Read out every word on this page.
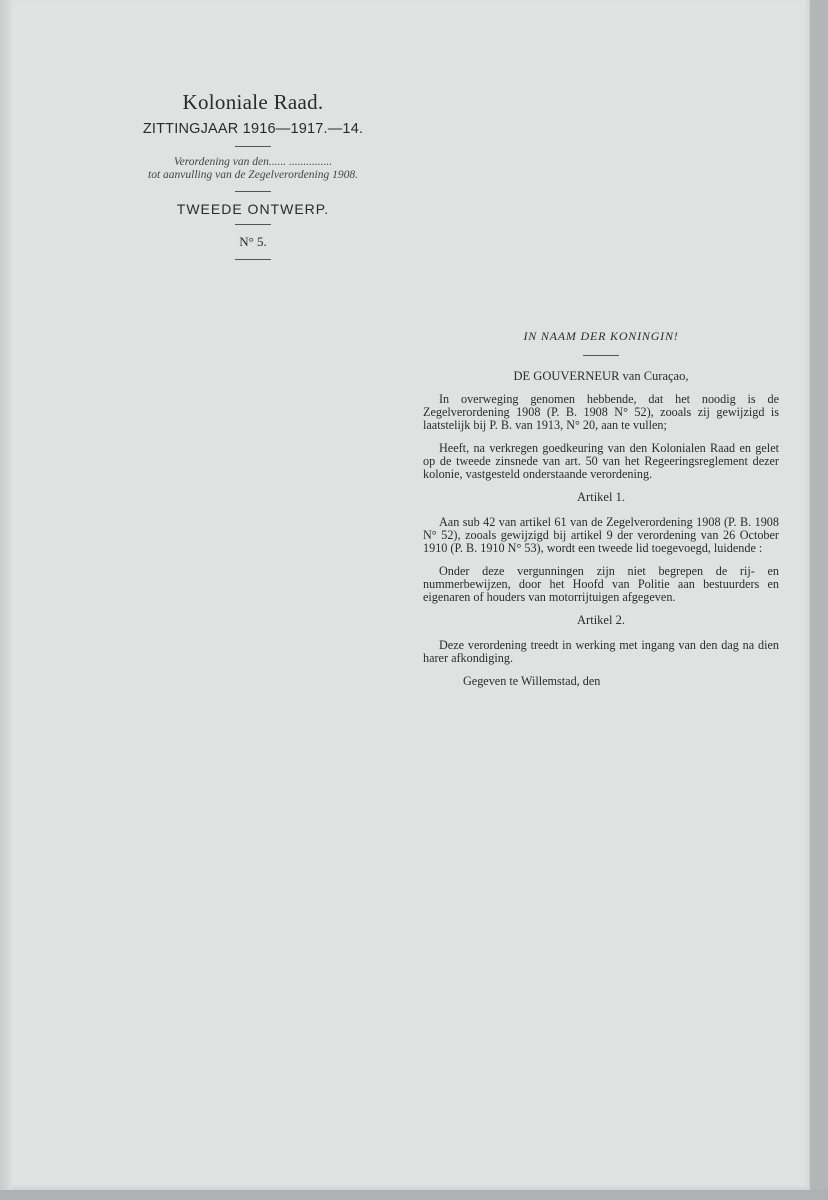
Koloniale Raad.
ZITTINGJAAR 1916—1917.—14.
Verordening van den...... ...............
tot aanvulling van de Zegelverordening 1908.
TWEEDE ONTWERP.
N° 5.
IN NAAM DER KONINGIN!
DE GOUVERNEUR van Curaçao,

In overweging genomen hebbende, dat het noodig is de Zegelverordening 1908 (P. B. 1908 N° 52), zooals zij gewijzigd is laatstelijk bij P. B. van 1913, N° 20, aan te vullen;

Heeft, na verkregen goedkeuring van den Kolonialen Raad en gelet op de tweede zinsnede van art. 50 van het Regeeringsreglement dezer kolonie, vastgesteld onderstaande verordening.

Artikel 1.

Aan sub 42 van artikel 61 van de Zegelverordening 1908 (P. B. 1908 N° 52), zooals gewijzigd bij artikel 9 der verordening van 26 October 1910 (P. B. 1910 N° 53), wordt een tweede lid toegevoegd, luidende :

Onder deze vergunningen zijn niet begrepen de rij- en nummerbewijzen, door het Hoofd van Politie aan bestuurders en eigenaren of houders van motorrijtuigen afgegeven.

Artikel 2.

Deze verordening treedt in werking met ingang van den dag na dien harer afkondiging.

Gegeven te Willemstad, den
